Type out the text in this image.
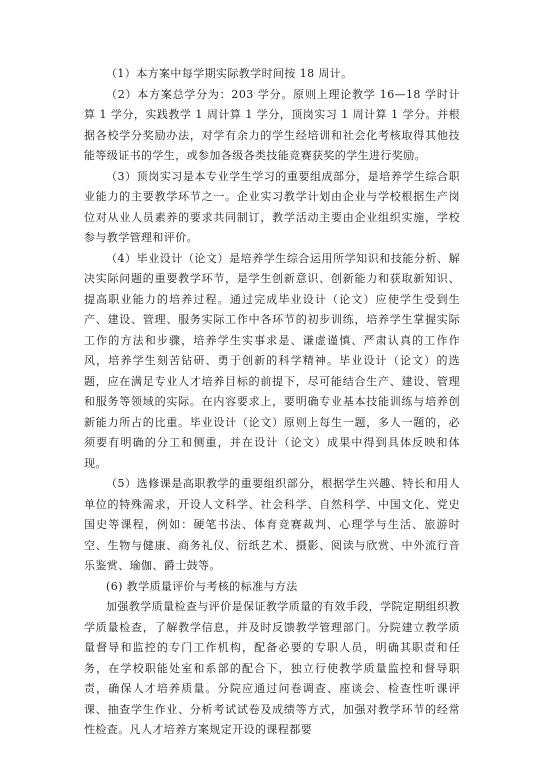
（1）本方案中每学期实际教学时间按 18 周计。

（2）本方案总学分为：203 学分。原则上理论教学 16—18 学时计算 1 学分，实践教学 1 周计算 1 学分，顶岗实习 1 周计算 1 学分。并根据各校学分奖励办法，对学有余力的学生经培训和社会化考核取得其他技能等级证书的学生，或参加各级各类技能竞赛获奖的学生进行奖励。

（3）顶岗实习是本专业学生学习的重要组成部分，是培养学生综合职业能力的主要教学环节之一。企业实习教学计划由企业与学校根据生产岗位对从业人员素养的要求共同制订，教学活动主要由企业组织实施，学校参与教学管理和评价。

（4）毕业设计（论文）是培养学生综合运用所学知识和技能分析、解决实际问题的重要教学环节，是学生创新意识、创新能力和获取新知识、提高职业能力的培养过程。通过完成毕业设计（论文）应使学生受到生产、建设、管理、服务实际工作中各环节的初步训练，培养学生掌握实际工作的方法和步骤，培养学生实事求是、谦虚谨慎、严肃认真的工作作风，培养学生刻苦钻研、勇于创新的科学精神。毕业设计（论文）的选题，应在满足专业人才培养目标的前提下，尽可能结合生产、建设、管理和服务等领域的实际。在内容要求上，要明确专业基本技能训练与培养创新能力所占的比重。毕业设计（论文）原则上每生一题，多人一题的，必须要有明确的分工和侧重，并在设计（论文）成果中得到具体反映和体现。

（5）选修课是高职教学的重要组织部分，根据学生兴趣、特长和用人单位的特殊需求，开设人文科学、社会科学、自然科学、中国文化、党史国史等课程，例如：硬笔书法、体育竞赛裁判、心理学与生活、旅游时空、生物与健康、商务礼仪、衍纸艺术、摄影、阅读与欣赏、中外流行音乐鉴赏、瑜伽、爵士鼓等。

(6) 教学质量评价与考核的标准与方法

加强教学质量检查与评价是保证教学质量的有效手段，学院定期组织教学质量检查，了解教学信息，并及时反馈教学管理部门。分院建立教学质量督导和监控的专门工作机构，配备必要的专职人员，明确其职责和任务，在学校职能处室和系部的配合下，独立行使教学质量监控和督导职责，确保人才培养质量。分院应通过问卷调查、座谈会、检查性听课评课、抽查学生作业、分析考试试卷及成绩等方式，加强对教学环节的经常性检查。凡人才培养方案规定开设的课程都要
